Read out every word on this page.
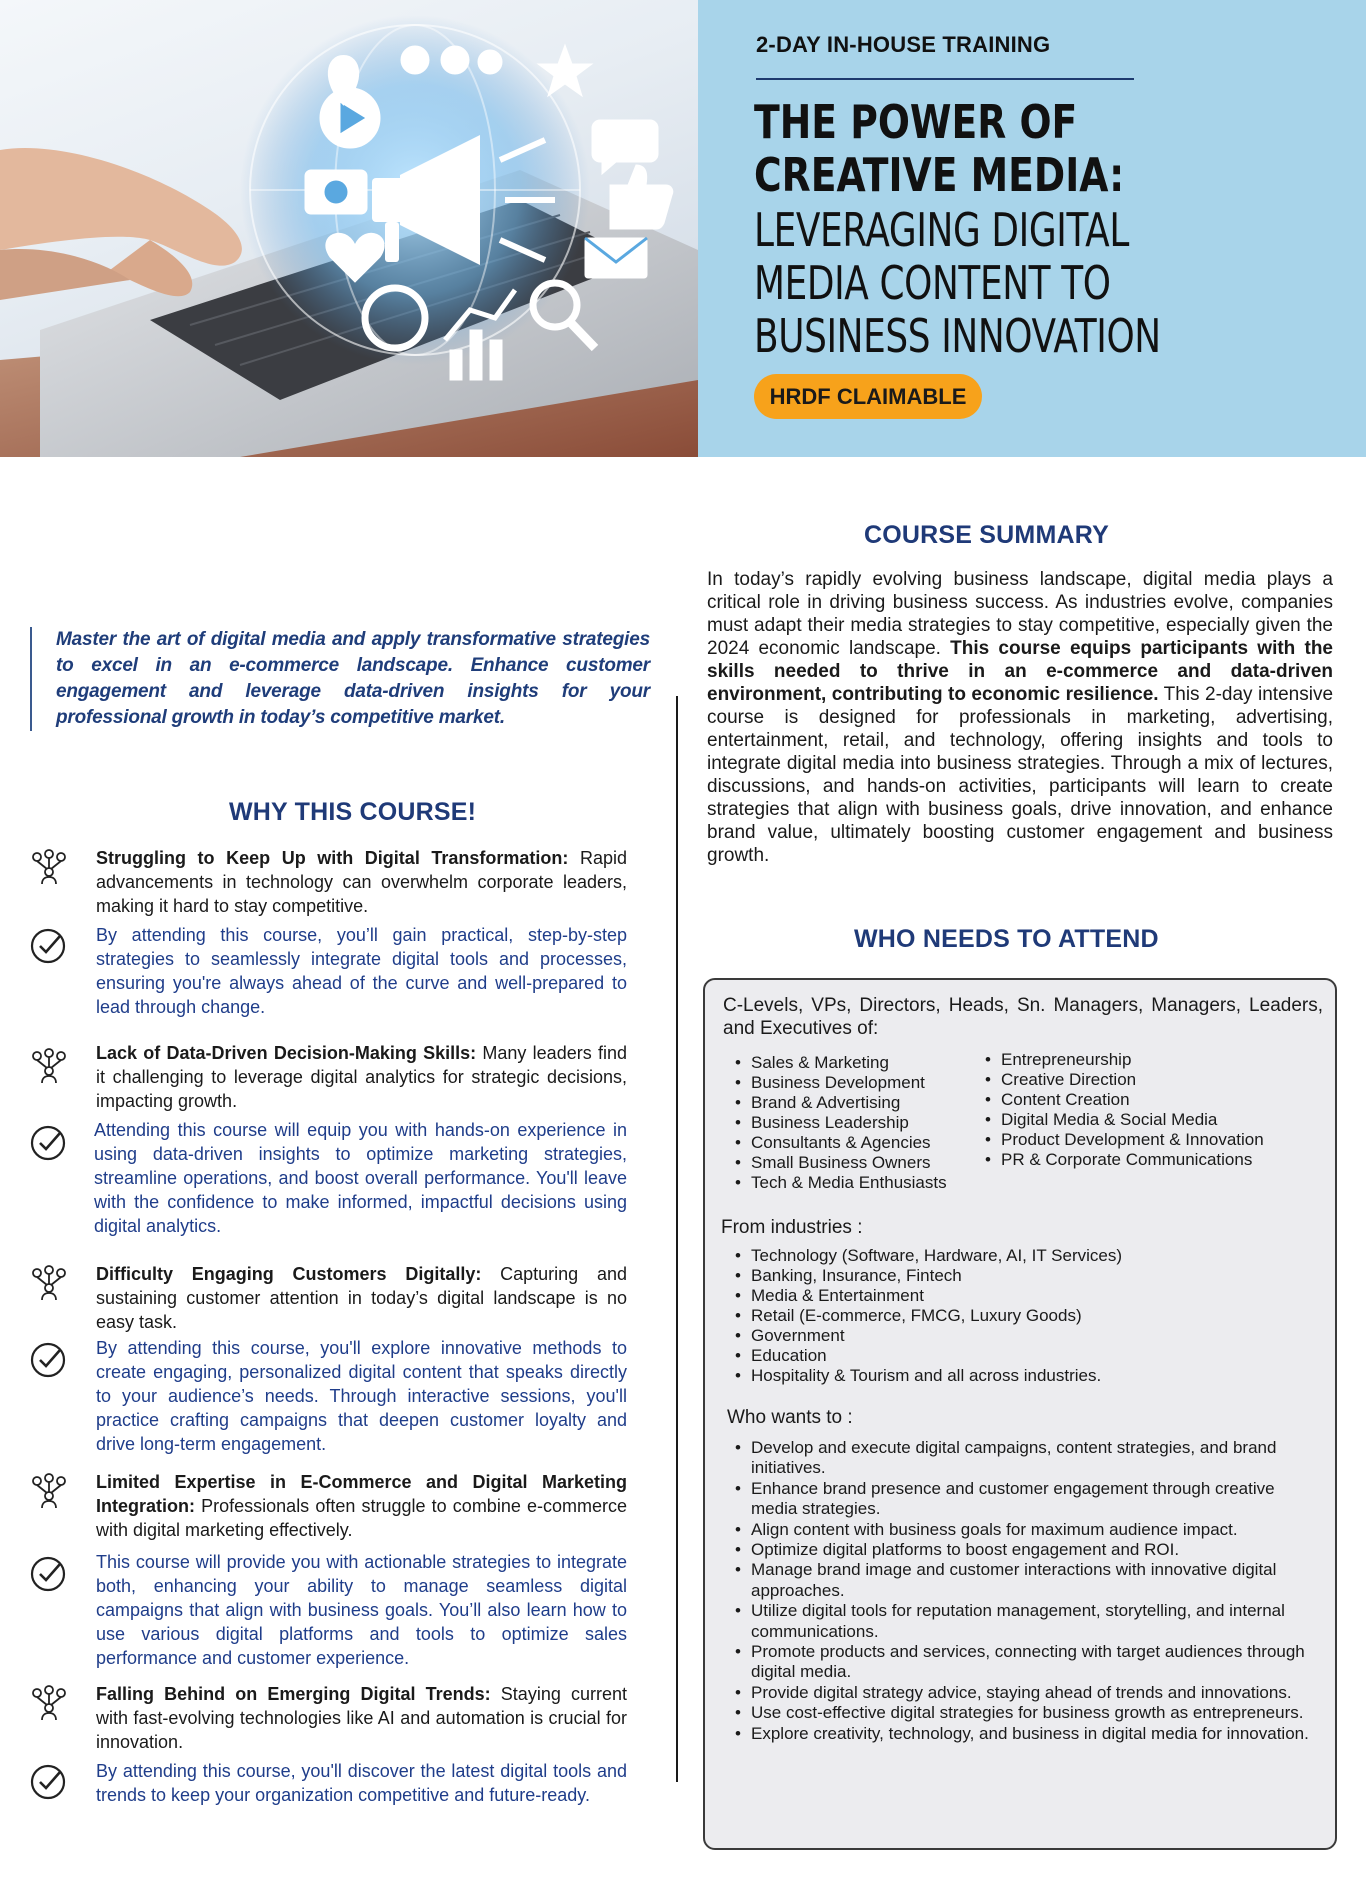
2-DAY IN-HOUSE TRAINING
THE POWER OF
CREATIVE MEDIA:
LEVERAGING DIGITAL
MEDIA CONTENT TO
BUSINESS INNOVATION
HRDF CLAIMABLE

Master the art of digital media and apply transformative strategies to excel in an e-commerce landscape. Enhance customer engagement and leverage data-driven insights for your professional growth in today’s competitive market.

WHY THIS COURSE!
Struggling to Keep Up with Digital Transformation: Rapid advancements in technology can overwhelm corporate leaders, making it hard to stay competitive.
By attending this course, you’ll gain practical, step-by-step strategies to seamlessly integrate digital tools and processes, ensuring you're always ahead of the curve and well-prepared to lead through change.
Lack of Data-Driven Decision-Making Skills: Many leaders find it challenging to leverage digital analytics for strategic decisions, impacting growth.
Attending this course will equip you with hands-on experience in using data-driven insights to optimize marketing strategies, streamline operations, and boost overall performance. You'll leave with the confidence to make informed, impactful decisions using digital analytics.
Difficulty Engaging Customers Digitally: Capturing and sustaining customer attention in today’s digital landscape is no easy task.
By attending this course, you'll explore innovative methods to create engaging, personalized digital content that speaks directly to your audience’s needs. Through interactive sessions, you'll practice crafting campaigns that deepen customer loyalty and drive long-term engagement.
Limited Expertise in E-Commerce and Digital Marketing Integration: Professionals often struggle to combine e-commerce with digital marketing effectively.
This course will provide you with actionable strategies to integrate both, enhancing your ability to manage seamless digital campaigns that align with business goals. You’ll also learn how to use various digital platforms and tools to optimize sales performance and customer experience.
Falling Behind on Emerging Digital Trends: Staying current with fast-evolving technologies like AI and automation is crucial for innovation.
By attending this course, you'll discover the latest digital tools and trends to keep your organization competitive and future-ready.
COURSE SUMMARY
In today’s rapidly evolving business landscape, digital media plays a critical role in driving business success. As industries evolve, companies must adapt their media strategies to stay competitive, especially given the 2024 economic landscape. This course equips participants with the skills needed to thrive in an e-commerce and data-driven environment, contributing to economic resilience. This 2-day intensive course is designed for professionals in marketing, advertising, entertainment, retail, and technology, offering insights and tools to integrate digital media into business strategies. Through a mix of lectures, discussions, and hands-on activities, participants will learn to create strategies that align with business goals, drive innovation, and enhance brand value, ultimately boosting customer engagement and business growth.
WHO NEEDS TO ATTEND
C-Levels, VPs, Directors, Heads, Sn. Managers, Managers, Leaders, and Executives of:
• Sales & Marketing
• Business Development
• Brand & Advertising
• Business Leadership
• Consultants & Agencies
• Small Business Owners
• Tech & Media Enthusiasts
• Entrepreneurship
• Creative Direction
• Content Creation
• Digital Media & Social Media
• Product Development & Innovation
• PR & Corporate Communications
From industries :
• Technology (Software, Hardware, AI, IT Services)
• Banking, Insurance, Fintech
• Media & Entertainment
• Retail (E-commerce, FMCG, Luxury Goods)
• Government
• Education
• Hospitality & Tourism and all across industries.
Who wants to :
• Develop and execute digital campaigns, content strategies, and brand initiatives.
• Enhance brand presence and customer engagement through creative media strategies.
• Align content with business goals for maximum audience impact.
• Optimize digital platforms to boost engagement and ROI.
• Manage brand image and customer interactions with innovative digital approaches.
• Utilize digital tools for reputation management, storytelling, and internal communications.
• Promote products and services, connecting with target audiences through digital media.
• Provide digital strategy advice, staying ahead of trends and innovations.
• Use cost-effective digital strategies for business growth as entrepreneurs.
• Explore creativity, technology, and business in digital media for innovation.
